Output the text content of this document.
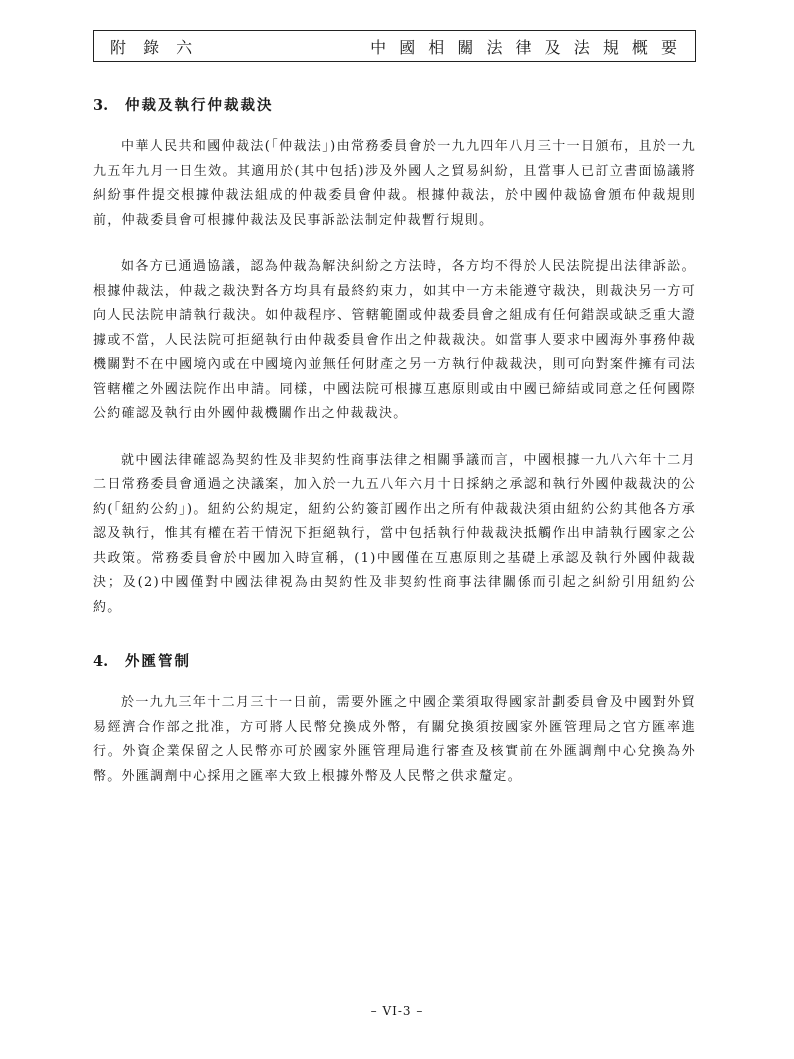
附 錄 六	中 國 相 關 法 律 及 法 規 概 要
3.	仲裁及執行仲裁裁決

中華人民共和國仲裁法(「仲裁法」)由常務委員會於一九九四年八月三十一日頒布，且於一九九五年九月一日生效。其適用於(其中包括)涉及外國人之貿易糾紛，且當事人已訂立書面協議將糾紛事件提交根據仲裁法組成的仲裁委員會仲裁。根據仲裁法，於中國仲裁協會頒布仲裁規則前，仲裁委員會可根據仲裁法及民事訴訟法制定仲裁暫行規則。

如各方已通過協議，認為仲裁為解決糾紛之方法時，各方均不得於人民法院提出法律訴訟。根據仲裁法，仲裁之裁決對各方均具有最終約束力，如其中一方未能遵守裁決，則裁決另一方可向人民法院申請執行裁決。如仲裁程序、管轄範圍或仲裁委員會之組成有任何錯誤或缺乏重大證據或不當，人民法院可拒絕執行由仲裁委員會作出之仲裁裁決。如當事人要求中國海外事務仲裁機關對不在中國境內或在中國境內並無任何財產之另一方執行仲裁裁決，則可向對案件擁有司法管轄權之外國法院作出申請。同樣，中國法院可根據互惠原則或由中國已締結或同意之任何國際公約確認及執行由外國仲裁機關作出之仲裁裁決。

就中國法律確認為契約性及非契約性商事法律之相關爭議而言，中國根據一九八六年十二月二日常務委員會通過之決議案，加入於一九五八年六月十日採納之承認和執行外國仲裁裁決的公約(「紐約公約」)。紐約公約規定，紐約公約簽訂國作出之所有仲裁裁決須由紐約公約其他各方承認及執行，惟其有權在若干情況下拒絕執行，當中包括執行仲裁裁決抵觸作出申請執行國家之公共政策。常務委員會於中國加入時宣稱，(1)中國僅在互惠原則之基礎上承認及執行外國仲裁裁決；及(2)中國僅對中國法律視為由契約性及非契約性商事法律關係而引起之糾紛引用紐約公約。

4.	外匯管制

於一九九三年十二月三十一日前，需要外匯之中國企業須取得國家計劃委員會及中國對外貿易經濟合作部之批准，方可將人民幣兌換成外幣，有關兌換須按國家外匯管理局之官方匯率進行。外資企業保留之人民幣亦可於國家外匯管理局進行審查及核實前在外匯調劑中心兌換為外幣。外匯調劑中心採用之匯率大致上根據外幣及人民幣之供求釐定。

– VI-3 –
